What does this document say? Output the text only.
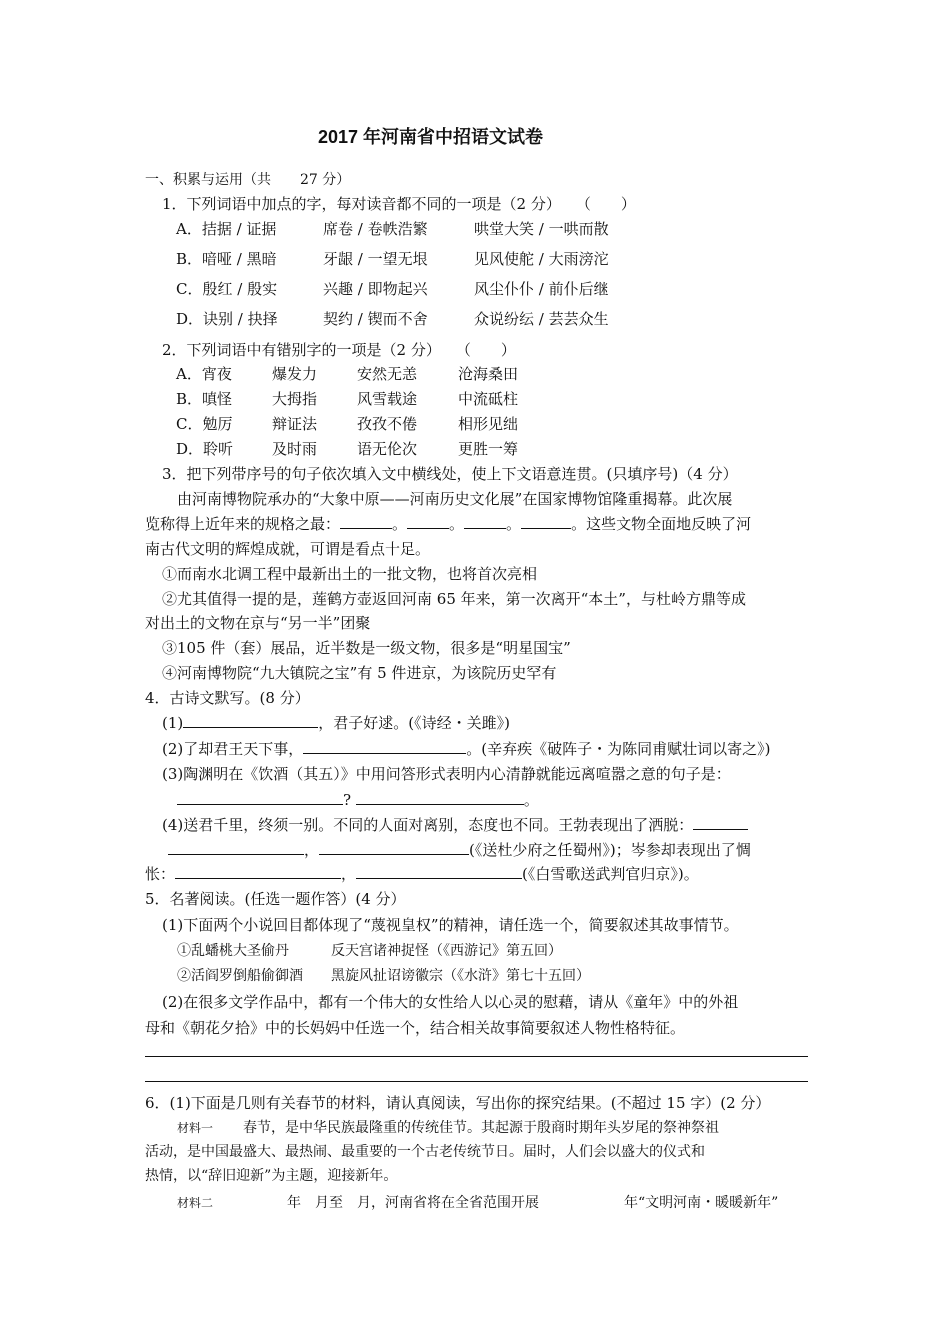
2017 年河南省中招语文试卷
一、积累与运用（共 27 分）
1．下列词语中加点的字，每对读音都不同的一项是（2 分）　　（　　）
A．拮据 / 证据	席卷 / 卷帙浩繁	哄堂大笑 / 一哄而散
B．喑哑 / 黑暗	牙龈 / 一望无垠	见风使舵 / 大雨滂沱
C．殷红 / 殷实	兴趣 / 即物起兴	风尘仆仆 / 前仆后继
D．诀别 / 抉择	契约 / 锲而不舍	众说纷纭 / 芸芸众生
2．下列词语中有错别字的一项是（2 分）　　（　　）
A．宵夜	爆发力	安然无恙	沧海桑田
B．嗔怪	大拇指	风雪载途	中流砥柱
C．勉厉	辩证法	孜孜不倦	相形见绌
D．聆听	及时雨	语无伦次	更胜一筹
3．把下列带序号的句子依次填入文中横线处，使上下文语意连贯。(只填序号)（4 分）
由河南博物院承办的“大象中原——河南历史文化展”在国家博物馆隆重揭幕。此次展
览称得上近年来的规格之最：	。	。	。	。这些文物全面地反映了河
南古代文明的辉煌成就，可谓是看点十足。
①而南水北调工程中最新出土的一批文物，也将首次亮相
②尤其值得一提的是，莲鹤方壶返回河南 65 年来，第一次离开“本土”，与杜岭方鼎等成
对出土的文物在京与“另一半”团聚
③105 件（套）展品，近半数是一级文物，很多是“明星国宝”
④河南博物院“九大镇院之宝”有 5 件进京，为该院历史罕有
4．古诗文默写。(8 分）
(1)	，君子好逑。(《诗经・关雎》)
(2)了却君王天下事，	。(辛弃疾《破阵子・为陈同甫赋壮词以寄之》)
(3)陶渊明在《饮酒（其五）》中用问答形式表明内心清静就能远离喧嚣之意的句子是：
?	。
(4)送君千里，终须一别。不同的人面对离别，态度也不同。王勃表现出了洒脱：
，	(《送杜少府之任蜀州》)；岑参却表现出了惆
怅：	，	(《白雪歌送武判官归京》)。
5．名著阅读。(任选一题作答）(4 分）
(1)下面两个小说回目都体现了“蔑视皇权”的精神，请任选一个，简要叙述其故事情节。
①乱蟠桃大圣偷丹　　　反天宫诸神捉怪（《西游记》第五回）
②活阎罗倒船偷御酒　　黑旋风扯诏谤徽宗（《水浒》第七十五回）
(2)在很多文学作品中，都有一个伟大的女性给人以心灵的慰藉，请从《童年》中的外祖
母和《朝花夕拾》中的长妈妈中任选一个，结合相关故事简要叙述人物性格特征。
6．(1)下面是几则有关春节的材料，请认真阅读，写出你的探究结果。(不超过 15 字）(2 分）
材料一 春节，是中华民族最隆重的传统佳节。其起源于殷商时期年头岁尾的祭神祭祖
活动，是中国最盛大、最热闹、最重要的一个古老传统节日。届时，人们会以盛大的仪式和
热情，以“辞旧迎新”为主题，迎接新年。
材料二	年　月至　月，河南省将在全省范围开展	年“文明河南・暖暖新年”
